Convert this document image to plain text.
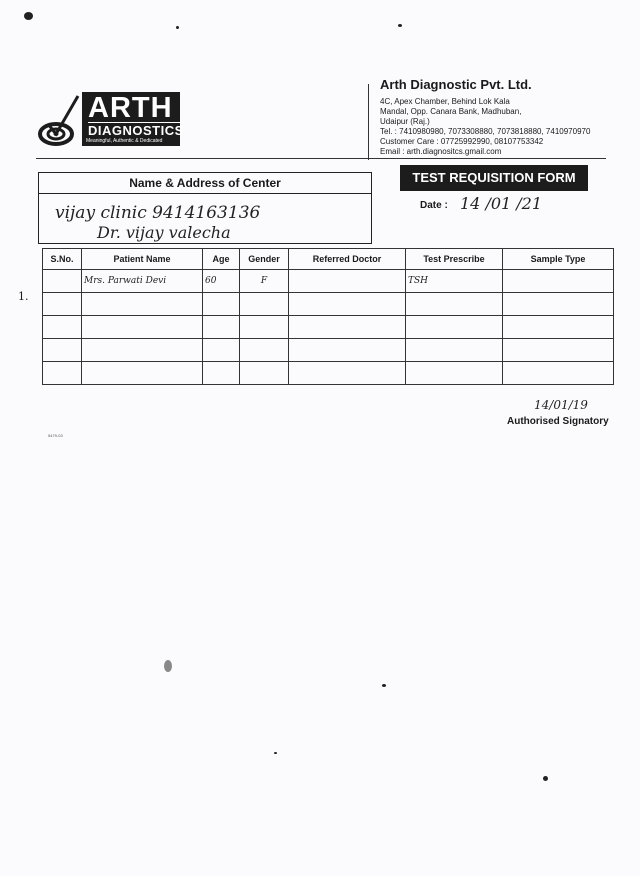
ARTH
DIAGNOSTICS
Meaningful, Authentic & Dedicated
Arth Diagnostic Pvt. Ltd.
4C, Apex Chamber, Behind Lok Kala
Mandal, Opp. Canara Bank, Madhuban,
Udaipur (Raj.)
Tel. : 7410980980, 7073308880, 7073818880, 7410970970
Customer Care : 07725992990, 08107753342
Email : arth.diagnositcs.gmail.com
Name & Address of Center
vijay clinic 9414163136
Dr. vijay valecha
TEST REQUISITION FORM
Date : 14 /01 /21
1.
S.No.	Patient Name	Age	Gender	Referred Doctor	Test Prescribe	Sample Type
	Mrs. Parwati Devi	60	F		TSH	

14/01/19
Authorised Signatory
5479-03
